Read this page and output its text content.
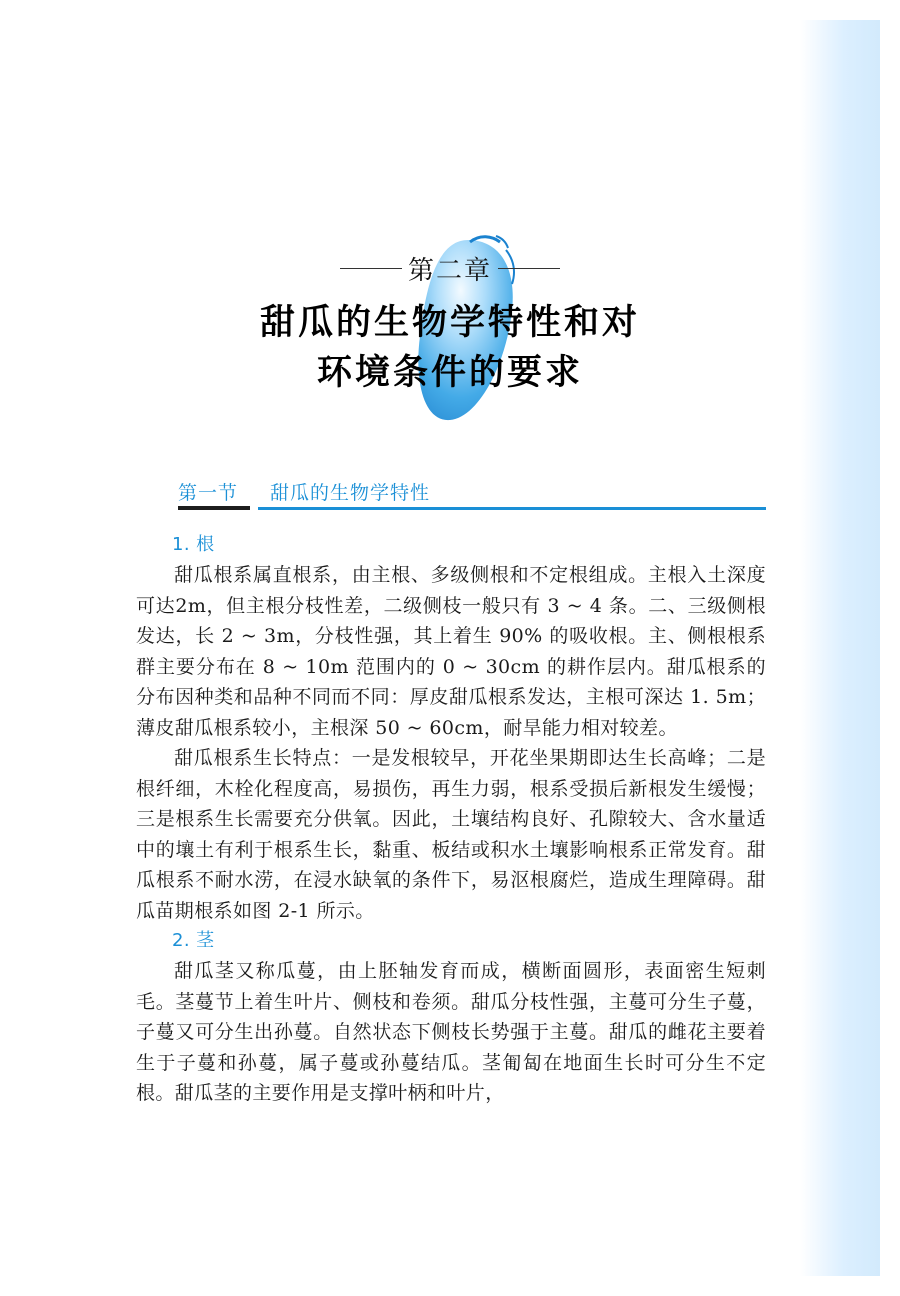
第二章
甜瓜的生物学特性和对
环境条件的要求
第一节 甜瓜的生物学特性
1. 根

甜瓜根系属直根系，由主根、多级侧根和不定根组成。主根入土深度可达2m，但主根分枝性差，二级侧枝一般只有 3 ~ 4 条。二、三级侧根发达，长 2 ~ 3m，分枝性强，其上着生 90% 的吸收根。主、侧根根系群主要分布在 8 ~ 10m 范围内的 0 ~ 30cm 的耕作层内。甜瓜根系的分布因种类和品种不同而不同：厚皮甜瓜根系发达，主根可深达 1. 5m；薄皮甜瓜根系较小，主根深 50 ~ 60cm，耐旱能力相对较差。

甜瓜根系生长特点：一是发根较早，开花坐果期即达生长高峰；二是根纤细，木栓化程度高，易损伤，再生力弱，根系受损后新根发生缓慢；三是根系生长需要充分供氧。因此，土壤结构良好、孔隙较大、含水量适中的壤土有利于根系生长，黏重、板结或积水土壤影响根系正常发育。甜瓜根系不耐水涝，在浸水缺氧的条件下，易沤根腐烂，造成生理障碍。甜瓜苗期根系如图 2-1 所示。

2. 茎

甜瓜茎又称瓜蔓，由上胚轴发育而成，横断面圆形，表面密生短刺毛。茎蔓节上着生叶片、侧枝和卷须。甜瓜分枝性强，主蔓可分生子蔓，子蔓又可分生出孙蔓。自然状态下侧枝长势强于主蔓。甜瓜的雌花主要着生于子蔓和孙蔓，属子蔓或孙蔓结瓜。茎匍匐在地面生长时可分生不定根。甜瓜茎的主要作用是支撑叶柄和叶片，
